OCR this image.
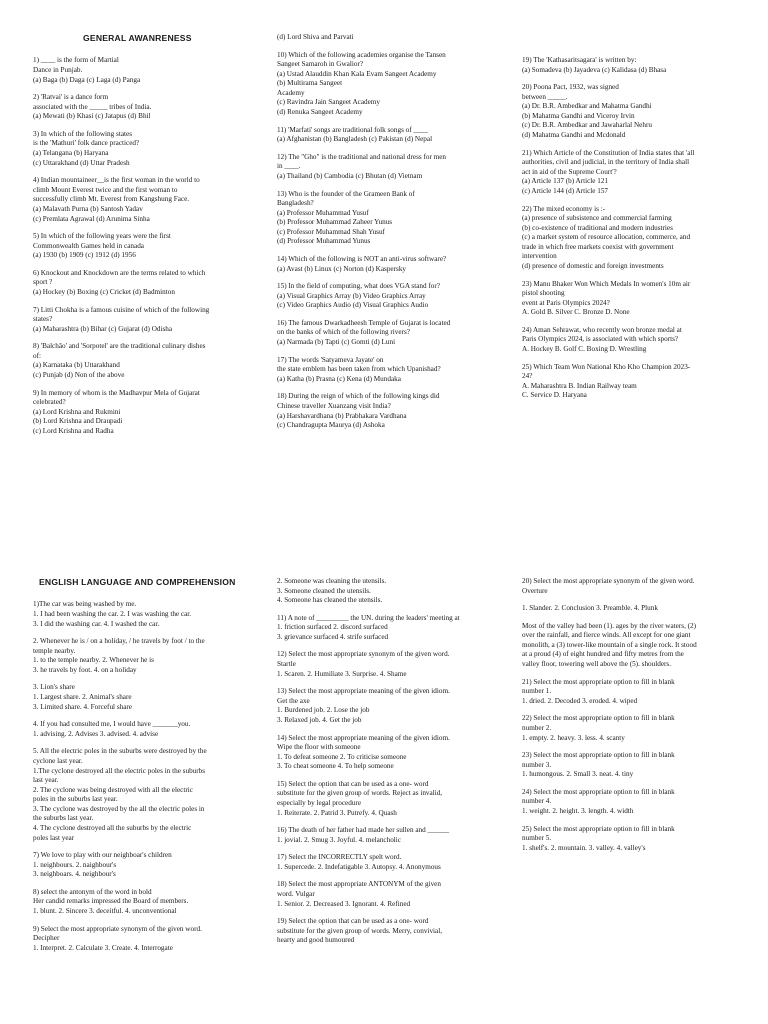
GENERAL AWANRENESS
1) ____ is the form of Martial
Dance in Punjab.
(a) Baga (b) Daga (c) Laga (d) Panga
2) 'Ratvai' is a dance form
associated with the _____ tribes of India.
(a) Mewati (b) Khasi (c) Jatapus (d) Bhil
3) In which of the following states
is the 'Mathuri' folk dance practiced?
(a) Telangana (b) Haryana
(c) Uttarakhand (d) Uttar Pradesh
4) Indian mountaineer__is the first woman in the world to
climb Mount Everest twice and the first woman to
successfully climb Mt. Everest from Kangshung Face.
(a) Malavath Purna (b) Santosh Yadav
(c) Premlata Agrawal (d) Arunima Sinha
5) In which of the following years were the first
Commonwealth Games held in canada
(a) 1930 (b) 1909 (c) 1912 (d) 1956
6) Knockout and Knockdown are the terms related to which
sport ?
(a) Hockey (b) Boxing (c) Cricket (d) Badminton
7) Litti Chokha is a famous cuisine of which of the following
states?
(a) Maharashtra (b) Bihar (c) Gujarat (d) Odisha
8) 'Balchão' and 'Sorpotel' are the traditional culinary dishes
of:
(a) Karnataka (b) Uttarakhand
(c) Punjab (d) Non of the above
9) In memory of whom is the Madhavpur Mela of Gujarat
celebrated?
(a) Lord Krishna and Rukmini
(b) Lord Krishna and Draupadi
(c) Lord Krishna and Radha
(d) Lord Shiva and Parvati
10) Which of the following academies organise the Tansen
Sangeet Samaroh in Gwalior?
(a) Ustad Alauddin Khan Kala Evam Sangeet Academy
(b) Multirama Sangeet
Academy
(c) Ravindra Jain Sangeet Academy
(d) Renuka Sangeet Academy
11) 'Marfati' songs are traditional folk songs of ____
(a) Afghanistan (b) Bangladesh (c) Pakistan (d) Nepal
12) The "Gho" is the traditional and national dress for men
in ____.
(a) Thailand (b) Cambodia (c) Bhutan (d) Vietnam
13) Who is the founder of the Grameen Bank of
Bangladesh?
(a) Professor Muhammad Yusuf
(b) Professor Muhammad Zaheer Yunus
(c) Professor Muhammad Shah Yusuf
(d) Professor Muhammad Yunus
14) Which of the following is NOT an anti-virus software?
(a) Avast (b) Linux (c) Norton (d) Kaspersky
15) In the field of computing, what does VGA stand for?
(a) Visual Graphics Array (b) Video Graphics Array
(c) Video Graphics Audio (d) Visual Graphics Audio
16) The famous Dwarkadheesh Temple of Gujarat is located
on the banks of which of the following rivers?
(a) Narmada (b) Tapti (c) Gomti (d) Luni
17) The words 'Satyameva Jayate' on
the state emblem has been taken from which Upanishad?
(a) Katha (b) Prasna (c) Kena (d) Mundaka
18) During the reign of which of the following kings did
Chinese traveller Xuanzang visit India?
(a) Harshavardhana (b) Prabhakara Vardhana
(c) Chandragupta Maurya (d) Ashoka
19) The 'Kathasaritsagara' is written by:
(a) Somadeva (b) Jayadeva (c) Kalidasa (d) Bhasa
20) Poona Pact, 1932, was signed
between _____.
(a) Dr. B.R. Ambedkar and Mahatma Gandhi
(b) Mahatma Gandhi and Viceroy Irvin
(c) Dr. B.R. Ambedkar and Jawaharlal Nehru
(d) Mahatma Gandhi and Mcdonald
21) Which Article of the Constitution of India states that 'all
authorities, civil and judicial, in the territory of India shall
act in aid of the Supreme Court'?
(a) Article 137 (b) Article 121
(c) Article 144 (d) Article 157
22) The mixed economy is :-
(a) presence of subsistence and commercial farming
(b) co-existence of traditional and modern industries
(c) a market system of resource allocation, commerce, and
trade in which free markets coexist with government
intervention
(d) presence of domestic and foreign investments
23) Manu Bhaker Won Which Medals In women's 10m air
pistol shooting
event at Paris Olympics 2024?
A. Gold B. Silver C. Bronze D. None
24) Aman Sehrawat, who recently won bronze medal at
Paris Olympics 2024, is associated with which sports?
A. Hockey B. Golf C. Boxing D. Wrestling
25) Which Team Won National Kho Kho Champion 2023-
24?
A. Maharashtra B. Indian Railway team
C. Service D. Haryana
ENGLISH LANGUAGE AND COMPREHENSION
1)The car was being washed by me.
1. I had been washing the car. 2. I was washing the car.
3. I did the washing car. 4. I washed the car.
2. Whenever he is / on a holiday, / he travels by foot / to the
temple nearby.
1. to the temple nearby. 2. Whenever he is
3. he travels by foot. 4. on a holiday
3. Lion's share
1. Largest share. 2. Animal's share
3. Limited share. 4. Forceful share
4. If you had consulted me, I would have _______you.
1. advising. 2. Advises 3. advised. 4. advise
5. All the electric poles in the suburbs were destroyed by the
cyclone last year.
1.The cyclone destroyed all the electric poles in the suburbs
last year.
2. The cyclone was being destroyed with all the electric
poles in the suburbs last year.
3. The cyclone was destroyed by the all the electric poles in
the suburbs last year.
4. The cyclone destroyed all the suburbs by the electric
poles last year
7) We love to play with our neighboar's children
1. neighbours. 2. naighbour's
3. neighboars. 4. neighbour's
8) select the antonym of the word in bold
Her candid remarks impressed the Board of members.
1. blunt. 2. Sincere 3. deceitful. 4. unconventional
9) Select the most appropriate synonym of the given word.
Decipher
1. Interpret. 2. Calculate 3. Create. 4. Interrogate
2. Someone was cleaning the utensils.
3. Someone cleaned the utensils.
4. Someone has cleaned the utensils.
11) A note of _________ the UN. during the leaders' meeting at
1. friction surfaced 2. discord surfaced
3. grievance surfaced 4. strife surfaced
12) Select the most appropriate synonym of the given word.
Startle
1. Scaren. 2. Humiliate 3. Surprise. 4. Shame
13) Select the most appropriate meaning of the given idiom.
Get the axe
1. Burdened job. 2. Lose the job
3. Relaxed job. 4. Get the job
14) Select the most appropriate meaning of the given idiom.
Wipe the floor with someone
1. To defeat someone 2. To criticise someone
3. To cheat someone 4. To help someone
15) Select the option that can be used as a one- word
substitute for the given group of words. Reject as invalid,
especially by legal procedure
1. Reiterate. 2. Patrid 3. Putrefy. 4. Quash
16) The death of her father had made her sullen and ______
1. jovial. 2. Smug 3. Joyful. 4. melancholic
17) Select the INCORRECTLY spelt word.
1. Supercede. 2. Indefatigable 3. Autopsy. 4. Anonymous
18) Select the most appropriate ANTONYM of the given
word. Vulgar
1. Senior. 2. Decreased 3. Ignorant. 4. Refined
19) Select the option that can be used as a one- word
substitute for the given group of words. Merry, convivial,
hearty and good humoured
20) Select the most appropriate synonym of the given word.
Overture
1. Slander. 2. Conclusion 3. Preamble. 4. Plunk
Most of the valley had been (1). ages by the river waters, (2)
over the rainfall, and fierce winds. All except for one giant
monolith, a (3) tower-like mountain of a single rock. It stood
at a proud (4) of eight hundred and fifty metres from the
valley floor, towering well above the (5). shoulders.
21) Select the most appropriate option to fill in blank
number 1.
1. dried. 2. Decoded 3. eroded. 4. wiped
22) Select the most appropriate option to fill in blank
number 2.
1. empty. 2. heavy. 3. less. 4. scanty
23) Select the most appropriate option to fill in blank
number 3.
1. humongous. 2. Small 3. neat. 4. tiny
24) Select the most appropriate option to fill in blank
number 4.
1. weight. 2. height. 3. length. 4. width
25) Select the most appropriate option to fill in blank
number 5.
1. shelf's. 2. mountain. 3. valley. 4. valley's
